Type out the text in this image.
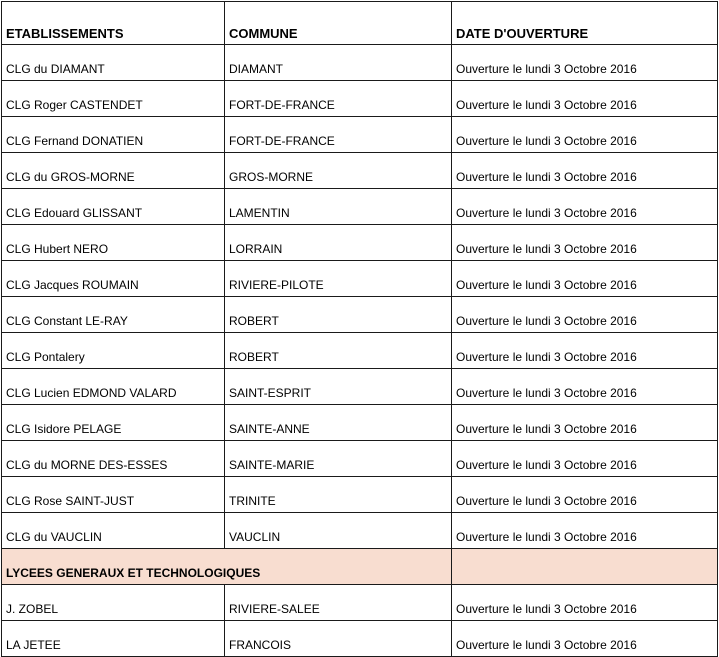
ETABLISSEMENTS	COMMUNE	DATE D'OUVERTURE
CLG du DIAMANT	DIAMANT	Ouverture le lundi 3 Octobre 2016
CLG Roger CASTENDET	FORT-DE-FRANCE	Ouverture le lundi 3 Octobre 2016
CLG Fernand DONATIEN	FORT-DE-FRANCE	Ouverture le lundi 3 Octobre 2016
CLG du GROS-MORNE	GROS-MORNE	Ouverture le lundi 3 Octobre 2016
CLG Edouard GLISSANT	LAMENTIN	Ouverture le lundi 3 Octobre 2016
CLG Hubert NERO	LORRAIN	Ouverture le lundi 3 Octobre 2016
CLG Jacques ROUMAIN	RIVIERE-PILOTE	Ouverture le lundi 3 Octobre 2016
CLG Constant LE-RAY	ROBERT	Ouverture le lundi 3 Octobre 2016
CLG Pontalery	ROBERT	Ouverture le lundi 3 Octobre 2016
CLG Lucien EDMOND VALARD	SAINT-ESPRIT	Ouverture le lundi 3 Octobre 2016
CLG Isidore PELAGE	SAINTE-ANNE	Ouverture le lundi 3 Octobre 2016
CLG du MORNE DES-ESSES	SAINTE-MARIE	Ouverture le lundi 3 Octobre 2016
CLG Rose SAINT-JUST	TRINITE	Ouverture le lundi 3 Octobre 2016
CLG du VAUCLIN	VAUCLIN	Ouverture le lundi 3 Octobre 2016
LYCEES GENERAUX ET TECHNOLOGIQUES		
J. ZOBEL	RIVIERE-SALEE	Ouverture le lundi 3 Octobre 2016
LA JETEE	FRANCOIS	Ouverture le lundi 3 Octobre 2016
